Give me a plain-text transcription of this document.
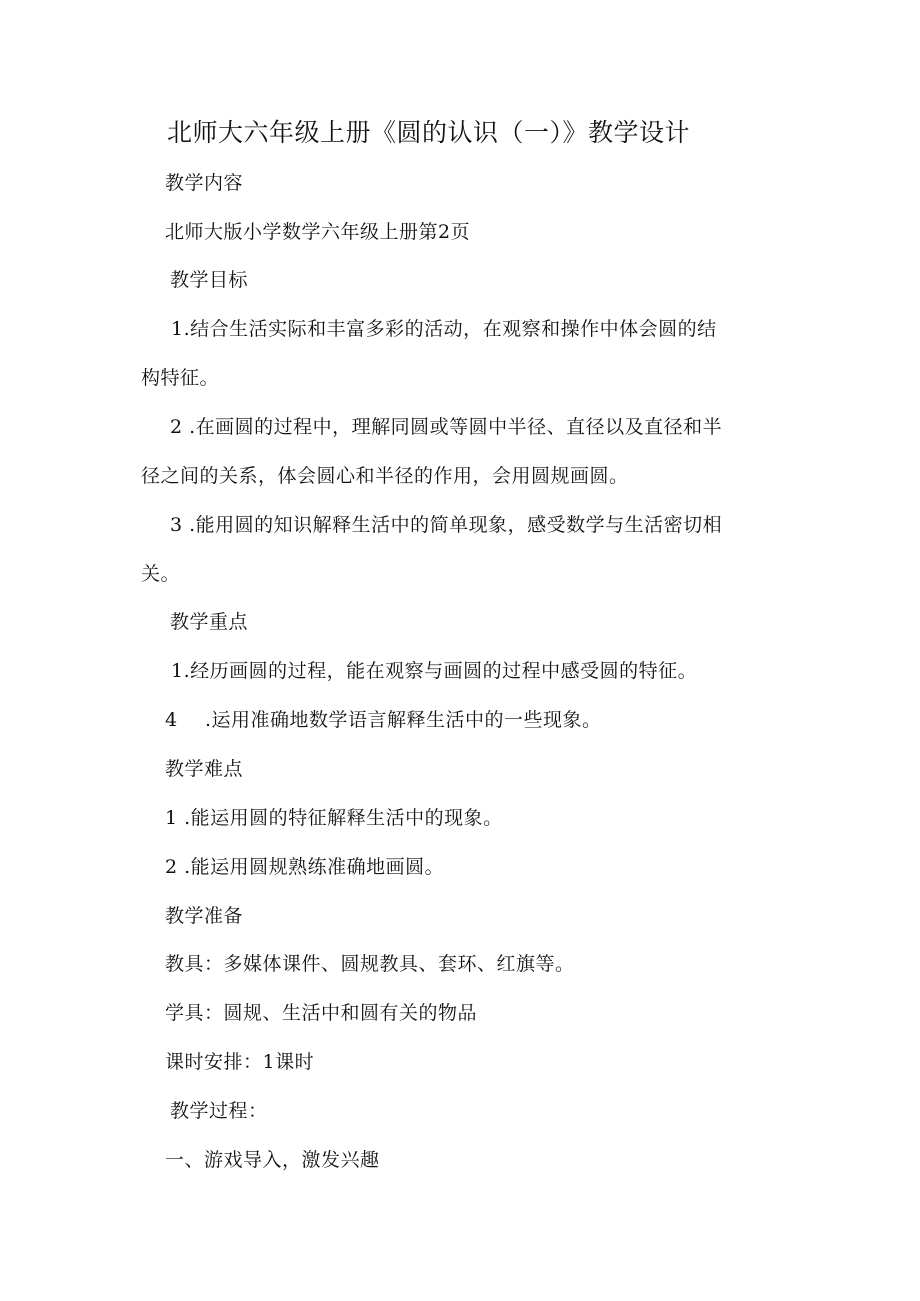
北师大六年级上册《圆的认识（一）》教学设计
教学内容
北师大版小学数学六年级上册第2页
教学目标
1.结合生活实际和丰富多彩的活动，在观察和操作中体会圆的结
构特征。
2 .在画圆的过程中，理解同圆或等圆中半径、直径以及直径和半
径之间的关系，体会圆心和半径的作用，会用圆规画圆。
3 .能用圆的知识解释生活中的简单现象，感受数学与生活密切相
关。
教学重点
1.经历画圆的过程，能在观察与画圆的过程中感受圆的特征。
4 .运用准确地数学语言解释生活中的一些现象。
教学难点
1 .能运用圆的特征解释生活中的现象。
2 .能运用圆规熟练准确地画圆。
教学准备
教具：多媒体课件、圆规教具、套环、红旗等。
学具：圆规、生活中和圆有关的物品
课时安排：1课时
教学过程：
一、游戏导入，激发兴趣
